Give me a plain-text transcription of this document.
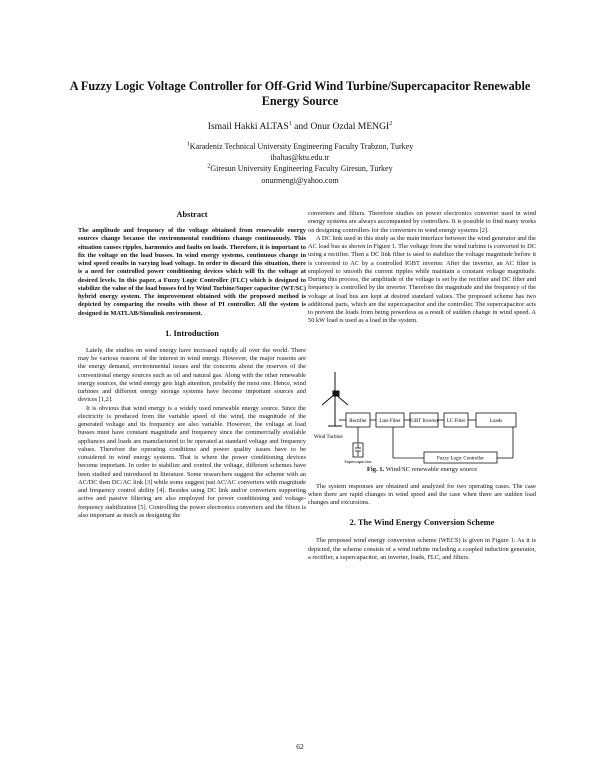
A Fuzzy Logic Voltage Controller for Off-Grid Wind Turbine/Supercapacitor Renewable Energy Source
Ismail Hakki ALTAS$^1$ and Onur Ozdal MENGI$^2$
$^1$Karadeniz Technical University Engineering Faculty Trabzon, Turkey
ihaltas@ktu.edu.tr
$^2$Giresun University Engineering Faculty Giresun, Turkey
onurmengi@yahoo.com
Abstract

The amplitude and frequency of the voltage obtained from renewable energy sources change because the environmental conditions change continuously. This situation causes ripples, harmonics and faults on loads. Therefore, it is important to fix the voltage on the load busses. In wind energy systems, continuous change in wind speed results in varying load voltage. In order to discard this situation, there is a need for controlled power conditioning devices which will fix the voltage at desired levels. In this paper, a Fuzzy Logic Controller (FLC) which is designed to stabilize the value of the load busses fed by Wind Turbine/Super capacitor (WT/SC) hybrid energy system. The improvement obtained with the proposed method is depicted by comparing the results with those of PI controller. All the system is designed in MATLAB/Simulink environment.

1. Introduction

Lately, the studies on wind energy have increased rapidly all over the world. There may be various reasons of the interest in wind energy. However, the major reasons are the energy demand, environmental issues and the concerns about the reserves of the conventional energy sources such as oil and natural gas. Along with the other renewable energy sources, the wind energy gets high attention, probably the most one. Hence, wind turbines and different energy storage systems have become important sources and devices [1,2].

It is obvious that wind energy is a widely used renewable energy source. Since the electricity is produced from the variable speed of the wind, the magnitude of the generated voltage and its frequency are also variable. However, the voltage at load busses must have constant magnitude and frequency since the commercially available appliances and loads are manufactured to be operated at standard voltage and frequency values. Therefore the operating conditions and power quality issues have to be considered in wind energy systems. That is where the power conditioning devices become important. In order to stabilize and control the voltage, different schemes have been studied and introduced in literature. Some researchers suggest the scheme with an AC/DC then DC/AC link [3] while some suggest just AC/AC converters with magnitude and frequency control ability [4]. Besides using DC link and/or converters supporting active and passive filtering are also employed for power conditioning and voltage-frequency stabilization [5]. Controlling the power electronics converters and the filters is also important as much as designing the

converters and filters. Therefore studies on power electronics converter used in wind energy systems are always accompanied by controllers. It is possible to find many works on designing controllers for the converters in wind energy systems [2].

A DC link used in this study as the main interface between the wind generator and the AC load bus as shown in Figure 1. The voltage from the wind turbine is converted to DC using a rectifier. Then a DC link filter is used to stabilize the voltage magnitude before it is converted to AC by a controlled IGBT inverter. After the inverter, an AC filter is employed to smooth the current ripples while maintain a constant voltage magnitude. During this process, the amplitude of the voltage is set by the rectifier and DC filter and frequency is controlled by the inverter. Therefore the magnitude and the frequency of the voltage at load bus are kept at desired standard values. The proposed scheme has two additional parts, which are the supercapacitor and the controller. The supercapacitor acts to prevent the loads from being powerless as a result of sudden change in wind speed. A 50 kW load is used as a load in the system.

Wind Turbine
Rectifier	Line Filter IGBT Inverter LC Filter	Loads
Fuzzy Logic Controller
Supercapacitor
Fig. 1. Wind/SC renewable energy source

The system responses are obtained and analyzed for two operating cases. The case when there are rapid changes in wind speed and the case when there are sudden load changes and excursions.

2. The Wind Energy Conversion Scheme

The proposed wind energy conversion scheme (WECS) is given in Figure 1. As it is depicted, the scheme consists of a wind turbine including a coupled induction generator, a rectifier, a supercapacitor, an inverter, loads, FLC, and filters.

62
